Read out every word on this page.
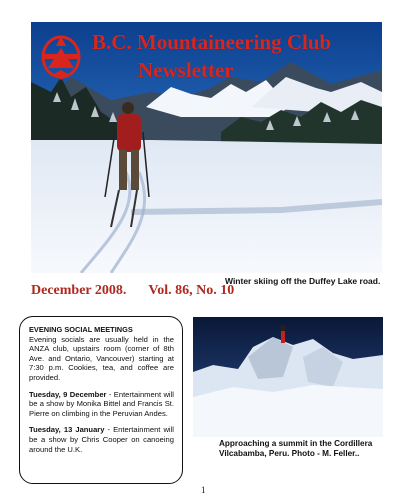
B.C. Mountaineering Club
Newsletter
Winter skiing off the Duffey Lake road.
December 2008. Vol. 86, No. 10
EVENING SOCIAL MEETINGS

Evening socials are usually held in the ANZA club, upstairs room (corner of 8th Ave. and Ontario, Vancouver) starting at 7:30 p.m. Cookies, tea, and coffee are provided.

Tuesday, 9 December - Entertainment will be a show by Monika Bittel and Francis St. Pierre on climbing in the Peruvian Andes.

Tuesday, 13 January - Entertainment will be a show by Chris Cooper on canoeing around the U.K.

Approaching a summit in the Cordillera Vilcabamba, Peru. Photo - M. Feller..
1
